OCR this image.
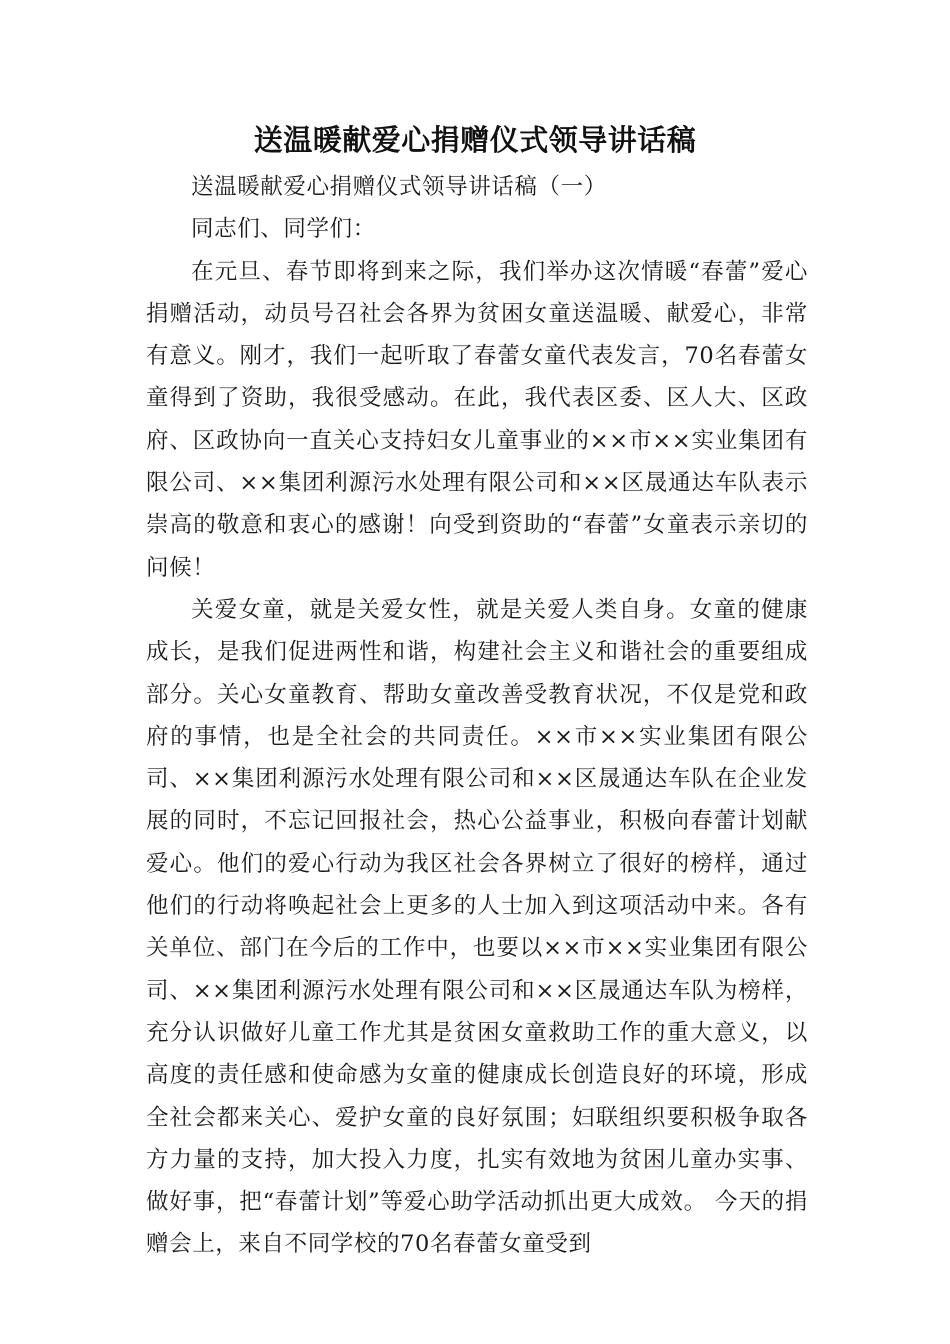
送温暖献爱心捐赠仪式领导讲话稿

送温暖献爱心捐赠仪式领导讲话稿（一）

同志们、同学们：

在元旦、春节即将到来之际，我们举办这次情暖“春蕾”爱心捐赠活动，动员号召社会各界为贫困女童送温暖、献爱心，非常有意义。刚才，我们一起听取了春蕾女童代表发言，70名春蕾女童得到了资助，我很受感动。在此，我代表区委、区人大、区政府、区政协向一直关心支持妇女儿童事业的××市××实业集团有限公司、××集团利源污水处理有限公司和××区晟通达车队表示崇高的敬意和衷心的感谢！向受到资助的“春蕾”女童表示亲切的问候！

关爱女童，就是关爱女性，就是关爱人类自身。女童的健康成长，是我们促进两性和谐，构建社会主义和谐社会的重要组成部分。关心女童教育、帮助女童改善受教育状况，不仅是党和政府的事情，也是全社会的共同责任。××市××实业集团有限公司、××集团利源污水处理有限公司和××区晟通达车队在企业发展的同时，不忘记回报社会，热心公益事业，积极向春蕾计划献爱心。他们的爱心行动为我区社会各界树立了很好的榜样，通过他们的行动将唤起社会上更多的人士加入到这项活动中来。各有关单位、部门在今后的工作中，也要以××市××实业集团有限公司、××集团利源污水处理有限公司和××区晟通达车队为榜样，充分认识做好儿童工作尤其是贫困女童救助工作的重大意义，以高度的责任感和使命感为女童的健康成长创造良好的环境，形成全社会都来关心、爱护女童的良好氛围；妇联组织要积极争取各方力量的支持，加大投入力度，扎实有效地为贫困儿童办实事、做好事，把“春蕾计划”等爱心助学活动抓出更大成效。 今天的捐赠会上，来自不同学校的70名春蕾女童受到
